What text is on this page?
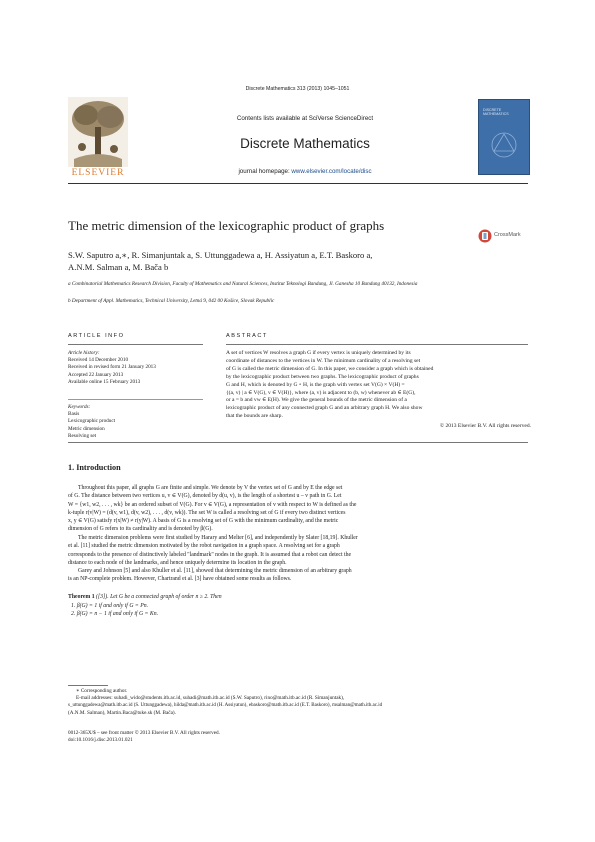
Discrete Mathematics 313 (2013) 1045–1051
ELSEVIER
Contents lists available at SciVerse ScienceDirect
Discrete Mathematics
journal homepage: www.elsevier.com/locate/disc
DISCRETE MATHEMATICS
The metric dimension of the lexicographic product of graphs
CrossMark
S.W. Saputro a,∗, R. Simanjuntak a, S. Uttunggadewa a, H. Assiyatun a, E.T. Baskoro a,
A.N.M. Salman a, M. Bača b
a Combinatorial Mathematics Research Division, Faculty of Mathematics and Natural Sciences, Institut Teknologi Bandung, Jl. Ganesha 10 Bandung 40132, Indonesia
b Department of Appl. Mathematics, Technical University, Letná 9, 042 00 Košice, Slovak Republic
ARTICLE INFO
Article history:
Received 14 December 2010
Received in revised form 21 January 2013
Accepted 22 January 2013
Available online 15 February 2013
Keywords:
Basis
Lexicographic product
Metric dimension
Resolving set
ABSTRACT
A set of vertices W resolves a graph G if every vertex is uniquely determined by its
coordinate of distances to the vertices in W. The minimum cardinality of a resolving set
of G is called the metric dimension of G. In this paper, we consider a graph which is obtained
by the lexicographic product between two graphs. The lexicographic product of graphs
G and H, which is denoted by G ∘ H, is the graph with vertex set V(G) × V(H) =
{(a, v) | a ∈ V(G), v ∈ V(H)}, where (a, v) is adjacent to (b, w) whenever ab ∈ E(G),
or a = b and vw ∈ E(H). We give the general bounds of the metric dimension of a
lexicographic product of any connected graph G and an arbitrary graph H. We also show
that the bounds are sharp.
© 2013 Elsevier B.V. All rights reserved.
1. Introduction
Throughout this paper, all graphs G are finite and simple. We denote by V the vertex set of G and by E the edge set
of G. The distance between two vertices u, v ∈ V(G), denoted by d(u, v), is the length of a shortest u – v path in G. Let
W = {w1, w2, . . . , wk} be an ordered subset of V(G). For v ∈ V(G), a representation of v with respect to W is defined as the
k-tuple r(v|W) = (d(v, w1), d(v, w2), . . . , d(v, wk)). The set W is called a resolving set of G if every two distinct vertices
x, y ∈ V(G) satisfy r(x|W) ≠ r(y|W). A basis of G is a resolving set of G with the minimum cardinality, and the metric
dimension of G refers to its cardinality and is denoted by β(G).
The metric dimension problems were first studied by Harary and Melter [6], and independently by Slater [18,19]. Khuller
et al. [11] studied the metric dimension motivated by the robot navigation in a graph space. A resolving set for a graph
corresponds to the presence of distinctively labeled "landmark" nodes in the graph. It is assumed that a robot can detect the
distance to each node of the landmarks, and hence uniquely determine its location in the graph.
Garey and Johnson [5] and also Khuller et al. [11], showed that determining the metric dimension of an arbitrary graph
is an NP-complete problem. However, Chartrand et al. [3] have obtained some results as follows.
Theorem 1 ([3]). Let G be a connected graph of order n ≥ 2. Then
1. β(G) = 1 if and only if G = Pn.
2. β(G) = n − 1 if and only if G = Kn.
∗ Corresponding author.
E-mail addresses: suhadi_wido@students.itb.ac.id, suhadi@math.itb.ac.id (S.W. Saputro), rino@math.itb.ac.id (R. Simanjuntak),
s_uttunggadewa@math.itb.ac.id (S. Uttunggadewa), hilda@math.itb.ac.id (H. Assiyatun), ebaskoro@math.itb.ac.id (E.T. Baskoro), msalman@math.itb.ac.id
(A.N.M. Salman), Martin.Baca@tuke.sk (M. Bača).
0012-365X/$ – see front matter © 2013 Elsevier B.V. All rights reserved.
doi:10.1016/j.disc.2013.01.021
